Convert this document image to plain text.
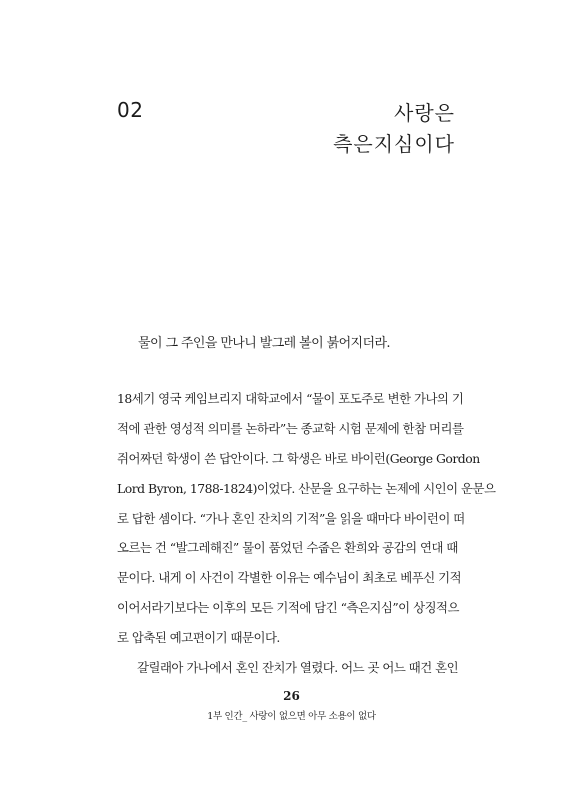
02	사랑은
측은지심이다
물이 그 주인을 만나니 발그레 볼이 붉어지더라.
18세기 영국 케임브리지 대학교에서 “물이 포도주로 변한 가나의 기
적에 관한 영성적 의미를 논하라”는 종교학 시험 문제에 한참 머리를
쥐어짜던 학생이 쓴 답안이다. 그 학생은 바로 바이런(George Gordon
Lord Byron, 1788-1824)이었다. 산문을 요구하는 논제에 시인이 운문으
로 답한 셈이다. “가나 혼인 잔치의 기적”을 읽을 때마다 바이런이 떠
오르는 건 “발그레해진” 물이 품었던 수줍은 환희와 공감의 연대 때
문이다. 내게 이 사건이 각별한 이유는 예수님이 최초로 베푸신 기적
이어서라기보다는 이후의 모든 기적에 담긴 “측은지심”이 상징적으
로 압축된 예고편이기 때문이다.
갈릴래아 가나에서 혼인 잔치가 열렸다. 어느 곳 어느 때건 혼인
26
1부 인간_ 사랑이 없으면 아무 소용이 없다
